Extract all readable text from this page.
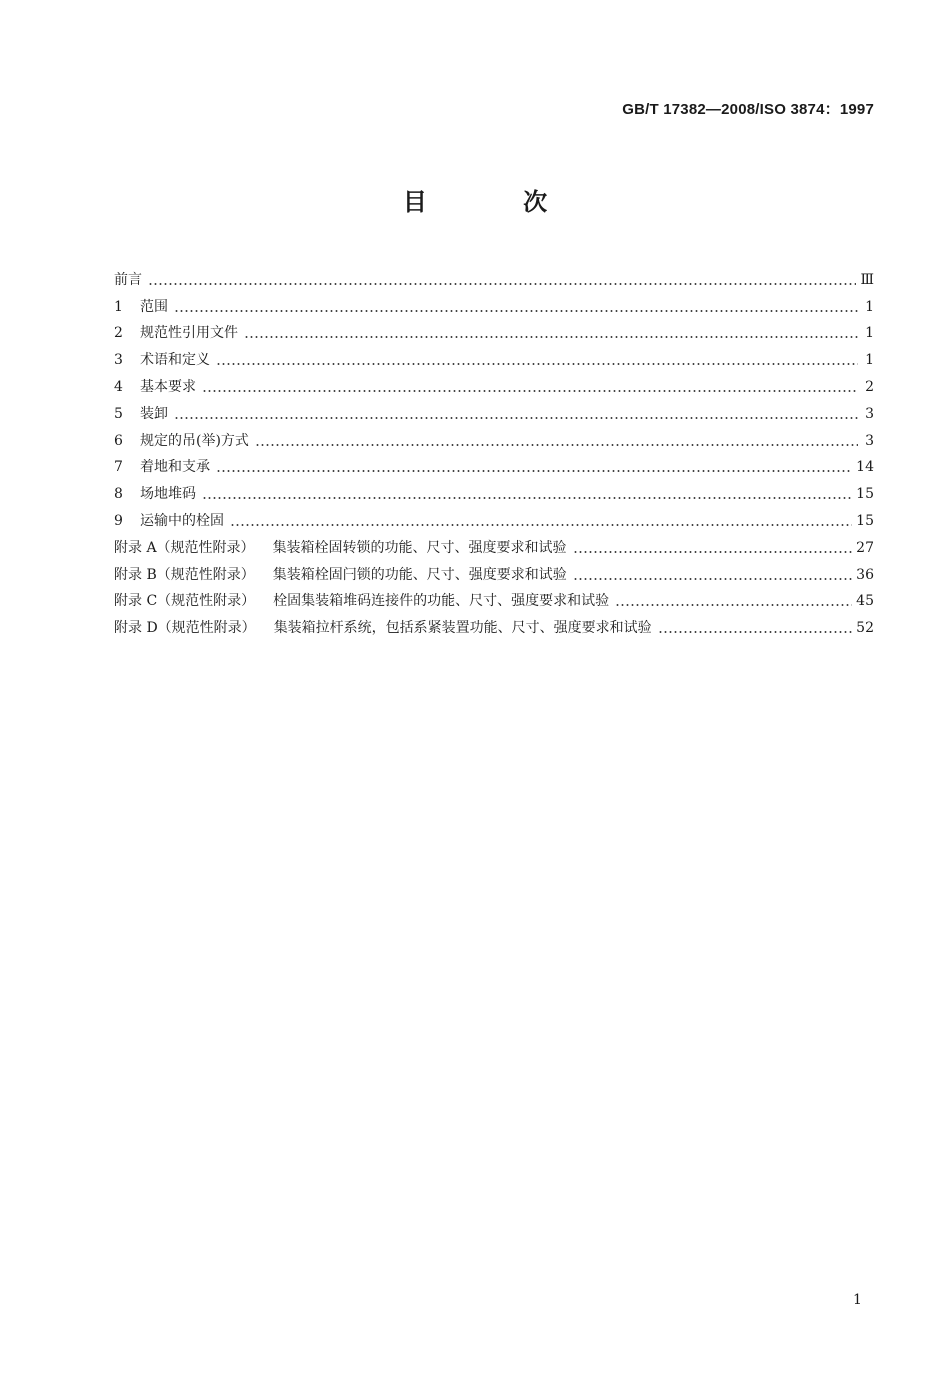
GB/T 17382—2008/ISO 3874：1997
目 次
前言	Ⅲ
1	范围	1
2	规范性引用文件	1
3	术语和定义	1
4	基本要求	2
5	装卸	3
6	规定的吊(举)方式	3
7	着地和支承	14
8	场地堆码	15
9	运输中的栓固	15
附录 A（规范性附录） 集装箱栓固转锁的功能、尺寸、强度要求和试验	27
附录 B（规范性附录） 集装箱栓固闩锁的功能、尺寸、强度要求和试验	36
附录 C（规范性附录） 栓固集装箱堆码连接件的功能、尺寸、强度要求和试验	45
附录 D（规范性附录） 集装箱拉杆系统，包括系紧装置功能、尺寸、强度要求和试验	52
1
